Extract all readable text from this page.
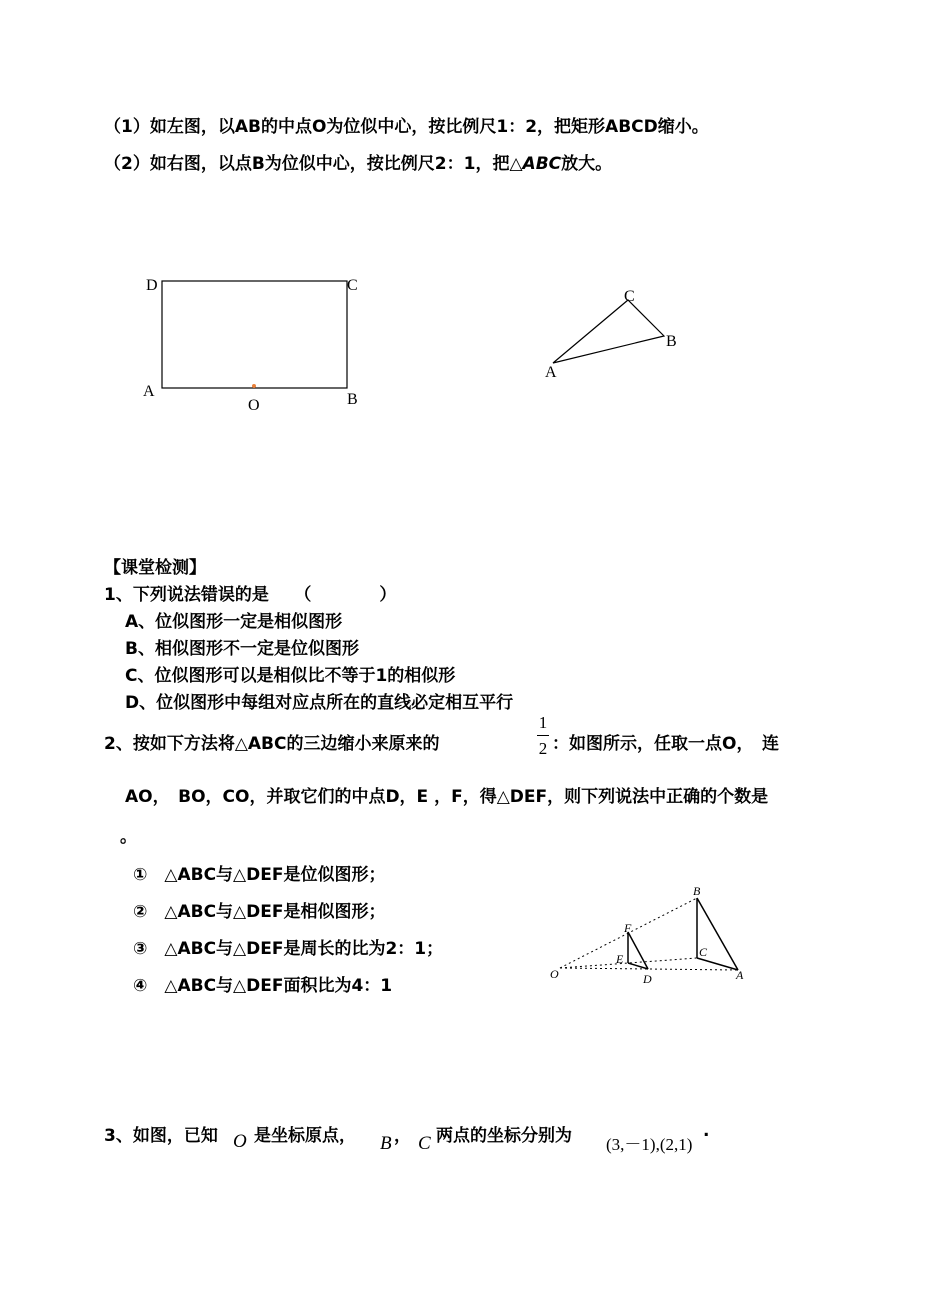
（1）如左图，以AB的中点O为位似中心，按比例尺1：2，把矩形ABCD缩小。
（2）如右图，以点B为位似中心，按比例尺2：1，把△ABC放大。
D	C
A	B
O
C
B
A
【课堂检测】
1、下列说法错误的是　　（　　　　）
A、位似图形一定是相似图形
B、相似图形不一定是位似图形
C、位似图形可以是相似比不等于1的相似形
D、位似图形中每组对应点所在的直线必定相互平行
2、按如下方法将△ABC的三边缩小来原来的
1
2 ：如图所示，任取一点O，　连
AO，　BO，CO，并取它们的中点D，E ，F，得△DEF，则下列说法中正确的个数是
。
①　△ABC与△DEF是位似图形；
②　△ABC与△DEF是相似图形；
③　△ABC与△DEF是周长的比为2：1；
④　△ABC与△DEF面积比为4：1
O	A
B
C
D
E
F
3、如图，已知 O 是坐标原点， B ， C 两点的坐标分别为 (3,－1),(2,1)
.
